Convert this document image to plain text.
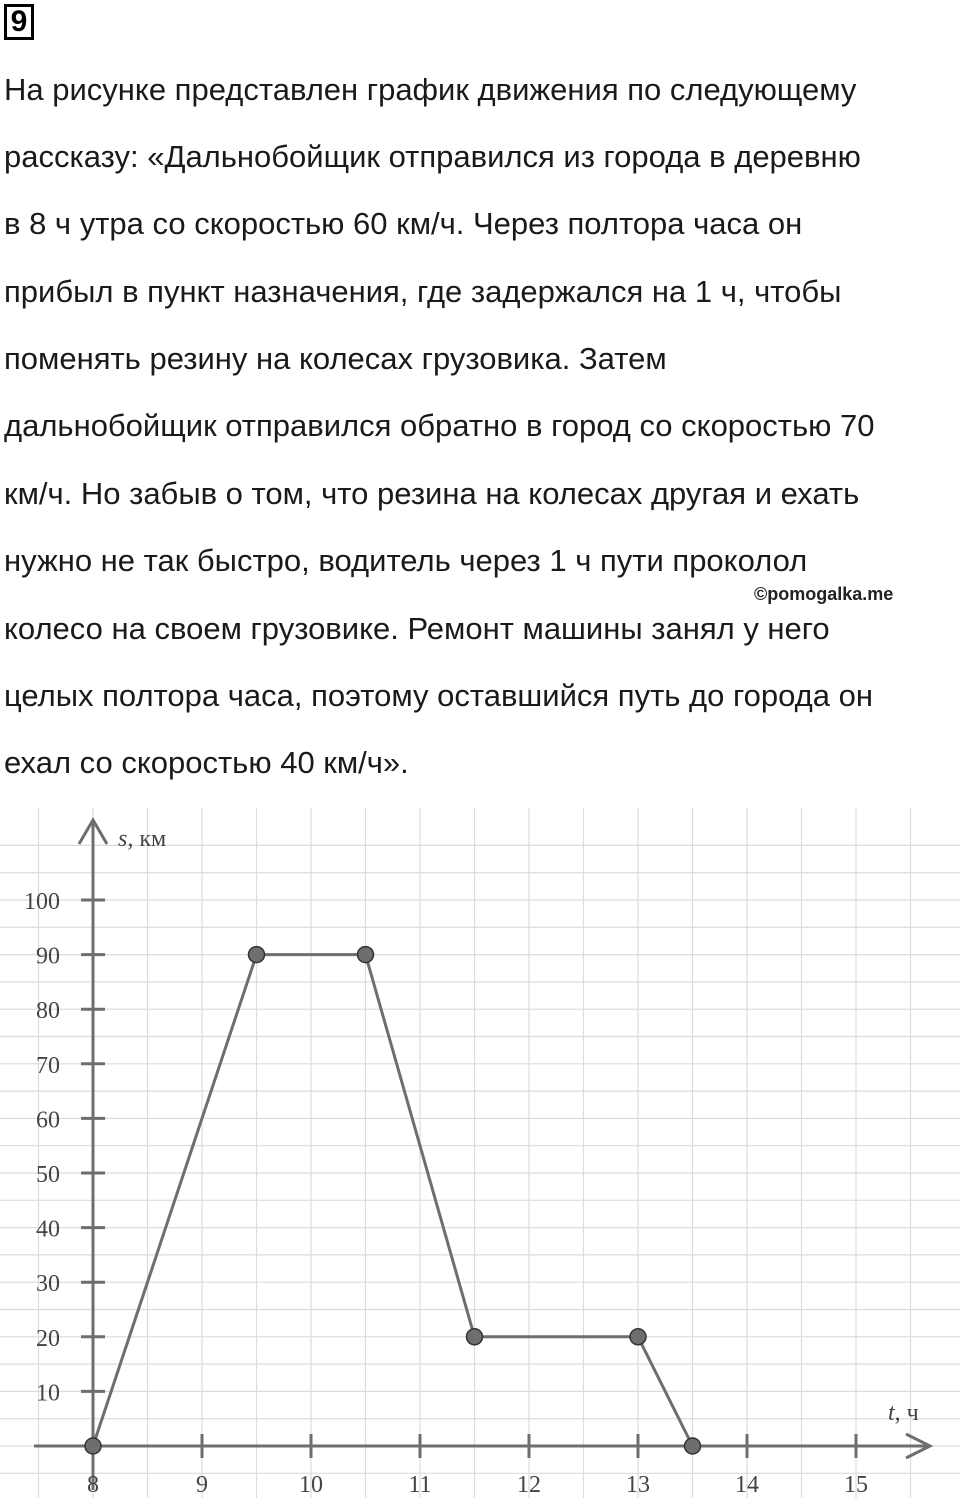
9
На рисунке представлен график движения по следующему
рассказу: «Дальнобойщик отправился из города в деревню
в 8 ч утра со скоростью 60 км/ч. Через полтора часа он
прибыл в пункт назначения, где задержался на 1 ч, чтобы
поменять резину на колесах грузовика. Затем
дальнобойщик отправился обратно в город со скоростью 70
км/ч. Но забыв о том, что резина на колесах другая и ехать
нужно не так быстро, водитель через 1 ч пути проколол
колесо на своем грузовике. Ремонт машины занял у него
целых полтора часа, поэтому оставшийся путь до города он
ехал со скоростью 40 км/ч».
©pomogalka.me
8	9	10	11	12	13	14	15
10
20
30
40
50
60
70
80
90
100
s, км
t, ч
